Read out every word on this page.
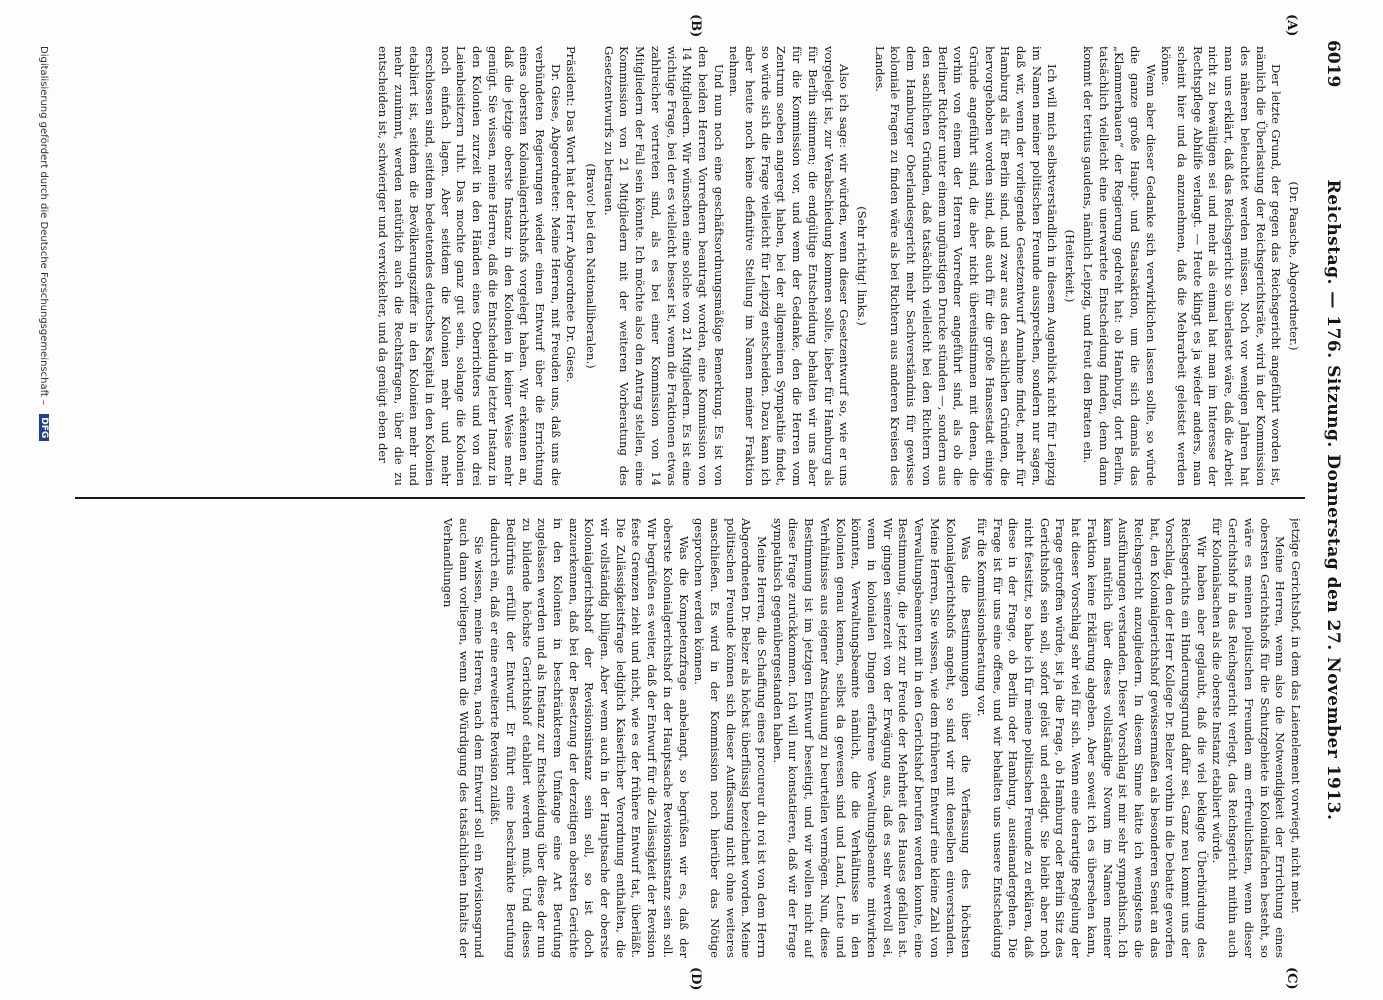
6019
Reichstag. — 176. Sitzung. Donnerstag den 27. November 1913.
(A)
(B)
(C)
(D)

(Dr. Paasche, Abgeordneter.)

Der letzte Grund, der gegen das Reichsgericht angeführt worden ist, nämlich die Überlastung der Reichsgerichtsräte, wird in der Kommission des näheren beleuchtet werden müssen. Noch vor wenigen Jahren hat man uns erklärt, daß das Reichsgericht so überlastet wäre, daß die Arbeit nicht zu bewältigen sei und mehr als einmal hat man im Interesse der Rechtspflege Abhilfe verlangt. — Heute klingt es ja wieder anders, man scheint hier und da anzunehmen, daß die Mehrarbeit geleistet werden könne.

Wenn aber dieser Gedanke sich verwirklichen lassen sollte, so würde die ganze große Haupt- und Staatsaktion, um die sich damals das „Klammerhauen“ der Regierung gedreht hat: ob Hamburg, dort Berlin, tatsächlich vielleicht eine unerwartete Entscheidung finden, denn dann kommt der tertius gaudens, nämlich Leipzig, und freut den Braten ein.

(Heiterkeit.)

Ich will mich selbstverständlich in diesem Augenblick nicht für Leipzig im Namen meiner politischen Freunde aussprechen, sondern nur sagen, daß wir, wenn der vorliegende Gesetzentwurf Annahme findet, mehr für Hamburg als für Berlin sind, und zwar aus den sachlichen Gründen, die hervorgehoben worden sind, daß auch für die große Hansestadt einige Gründe angeführt sind, die aber nicht übereinstimmen mit denen, die vorhin von einem der Herren Vorredner angeführt sind, als ob die Berliner Richter unter einem ungünstigen Drucke stünden —, sondern aus den sachlichen Gründen, daß tatsächlich vielleicht bei den Richtern von dem Hamburger Oberlandesgericht mehr Sachverständnis für gewisse koloniale Fragen zu finden wäre als bei Richtern aus anderen Kreisen des Landes.

(Sehr richtig! links.)

Also ich sage: wir würden, wenn dieser Gesetzentwurf so, wie er uns vorgelegt ist, zur Verabschiedung kommen sollte, lieber für Hamburg als für Berlin stimmen; die endgültige Entscheidung behalten wir uns aber für die Kommission vor, und wenn der Gedanke, den die Herren vom Zentrum soeben angeregt haben, bei der allgemeinen Sympathie findet, so würde sich die Frage vielleicht für Leipzig entscheiden. Dazu kann ich aber heute noch keine definitive Stellung im Namen meiner Fraktion nehmen.

Und nun noch eine geschäftsordnungsmäßige Bemerkung. Es ist von den beiden Herren Vorrednern beantragt worden, eine Kommission von 14 Mitgliedern. Wir wünschen eine solche von 21 Mitgliedern. Es ist eine wichtige Frage, bei der es vielleicht besser ist, wenn die Fraktionen etwas zahlreicher vertreten sind, als es bei einer Kommission von 14 Mitgliedern der Fall sein könnte. Ich möchte also den Antrag stellen, eine Kommission von 21 Mitgliedern mit der weiteren Vorberatung des Gesetzentwurfs zu betrauen.

(Bravo! bei den Nationalliberalen.)

Präsident: Das Wort hat der Herr Abgeordnete Dr. Giese.

Dr. Giese, Abgeordneter: Meine Herren, mit Freuden uns, daß uns die verbündeten Regierungen wieder einen Entwurf über die Errichtung eines obersten Kolonialgerichtshofs vorgelegt haben. Wir erkennen an, daß die jetzige oberste Instanz in den Kolonien in keiner Weise mehr genügt. Sie wissen, meine Herren, daß die Entscheidung letzter Instanz in den Kolonien zurzeit in den Händen eines Oberrichters und von drei Laienbeisitzern ruht. Das mochte ganz gut sein, solange die Kolonien noch einfach lagen. Aber seitdem die Kolonien mehr und mehr erschlossen sind, seitdem bedeutendes deutsches Kapital in den Kolonien etabliert ist, seitdem die Bevölkerungsziffer in den Kolonien mehr und mehr zunimmt, werden natürlich auch die Rechtsfragen, über die zu entscheiden ist, schwieriger und verwickelter, und da genügt eben der

jetzige Gerichtshof, in dem das Laienelement vorwiegt, nicht mehr.

Meine Herren, wenn also die Notwendigkeit der Errichtung eines obersten Gerichtshofs für die Schutzgebiete in Kolonialfachen besteht, so wäre es meinen politischen Freunden am erfreulichsten, wenn dieser Gerichtshof in das Reichsgericht verlegt, das Reichsgericht mithin auch für Kolonialsachen als die oberste Instanz etabliert würde.

Wir haben aber geglaubt, daß die viel beklagte Überbürdung des Reichsgerichts ein Hinderungsgrund dafür sei. Ganz neu kommt uns der Vorschlag, den der Herr Kollege Dr. Belzer vorhin in die Debatte geworfen hat, den Kolonialgerichtshof gewissermaßen als besonderen Senat an das Reichsgericht anzugliedern. In diesem Sinne hätte ich wenigstens die Ausführungen verstanden. Dieser Vorschlag ist mir sehr sympathisch. Ich kann natürlich über dieses vollständige Novum im Namen meiner Fraktion keine Erklärung abgeben. Aber soweit ich es übersehen kann, hat dieser Vorschlag sehr viel für sich. Wenn eine derartige Regelung der Frage getroffen würde, ist ja die Frage, ob Hamburg oder Berlin Sitz des Gerichtshofs sein soll, sofort gelöst und erledigt. Sie bleibt aber noch nicht festsitzt, so habe ich für meine politischen Freunde zu erklären, daß diese in der Frage, ob Berlin oder Hamburg, auseinandergehen. Die Frage ist für uns eine offene, und wir behalten uns unsere Entscheidung für die Kommissionsberatung vor.

Was die Bestimmungen über die Verfassung des höchsten Kolonialgerichtshofs angeht, so sind wir mit denselben einverstanden. Meine Herren, Sie wissen, wie dem früheren Entwurf eine kleine Zahl von Verwaltungsbeamten mit in den Gerichtshof berufen werden konnte, eine Bestimmung, die jetzt zur Freude der Mehrheit des Hauses gefallen ist. Wir gingen seinerzeit von der Erwägung aus, daß es sehr wertvoll sei, wenn in kolonialen Dingen erfahrene Verwaltungsbeamte mitwirken könnten, Verwaltungsbeamte nämlich, die die Verhältnisse in den Kolonien genau kennen, selbst da gewesen sind und Land, Leute und Verhältnisse aus eigener Anschauung zu beurteilen vermögen. Nun, diese Bestimmung ist im jetzigen Entwurf beseitigt, und wir wollen nicht auf diese Frage zurückkommen. Ich will nur konstatieren, daß wir der Frage sympathisch gegenübergestanden haben.

Meine Herren, die Schaffung eines procureur du roi ist von dem Herrn Abgeordneten Dr. Belzer als höchst überflüssig bezeichnet worden. Meine politischen Freunde können sich dieser Auffassung nicht ohne weiteres anschließen. Es wird in der Kommission noch hierüber das Nötige gesprochen werden können.

Was die Kompetenzfrage anbelangt, so begrüßen wir es, daß der oberste Kolonialgerichtshof in der Hauptsache Revisionsinstanz sein soll. Wir begrüßen es weiter, daß der Entwurf für die Zulässigkeit der Revision feste Grenzen zieht und nicht, wie es der frühere Entwurf tat, überläßt. Die Zulässigkeitsfrage lediglich Kaiserlicher Verordnung enthalten, die wir vollständig billigen. Aber wenn auch in der Hauptsache der oberste Kolonialgerichtshof der Revisionsinstanz sein soll, so ist doch anzuerkennen, daß bei der Besetzung der derzeitigen obersten Gerichte in den Kolonien in beschränkterem Umfange eine Art Berufung zugelassen werden und als Instanz zur Entscheidung über diese der nun zu bildende höchste Gerichtshof etabliert werden muß. Und dieses Bedürfnis erfüllt der Entwurf. Er führt eine beschränkte Berufung dadurch ein, daß er eine erweiterte Revision zuläßt.

Sie wissen, meine Herren, nach dem Entwurf soll ein Revisionsgrund auch dann vorliegen, wenn die Würdigung des tatsächlichen Inhalts der Verhandlungen

Digitalisierung gefördert durch die Deutsche Forschungsgemeinschaft – DFG
